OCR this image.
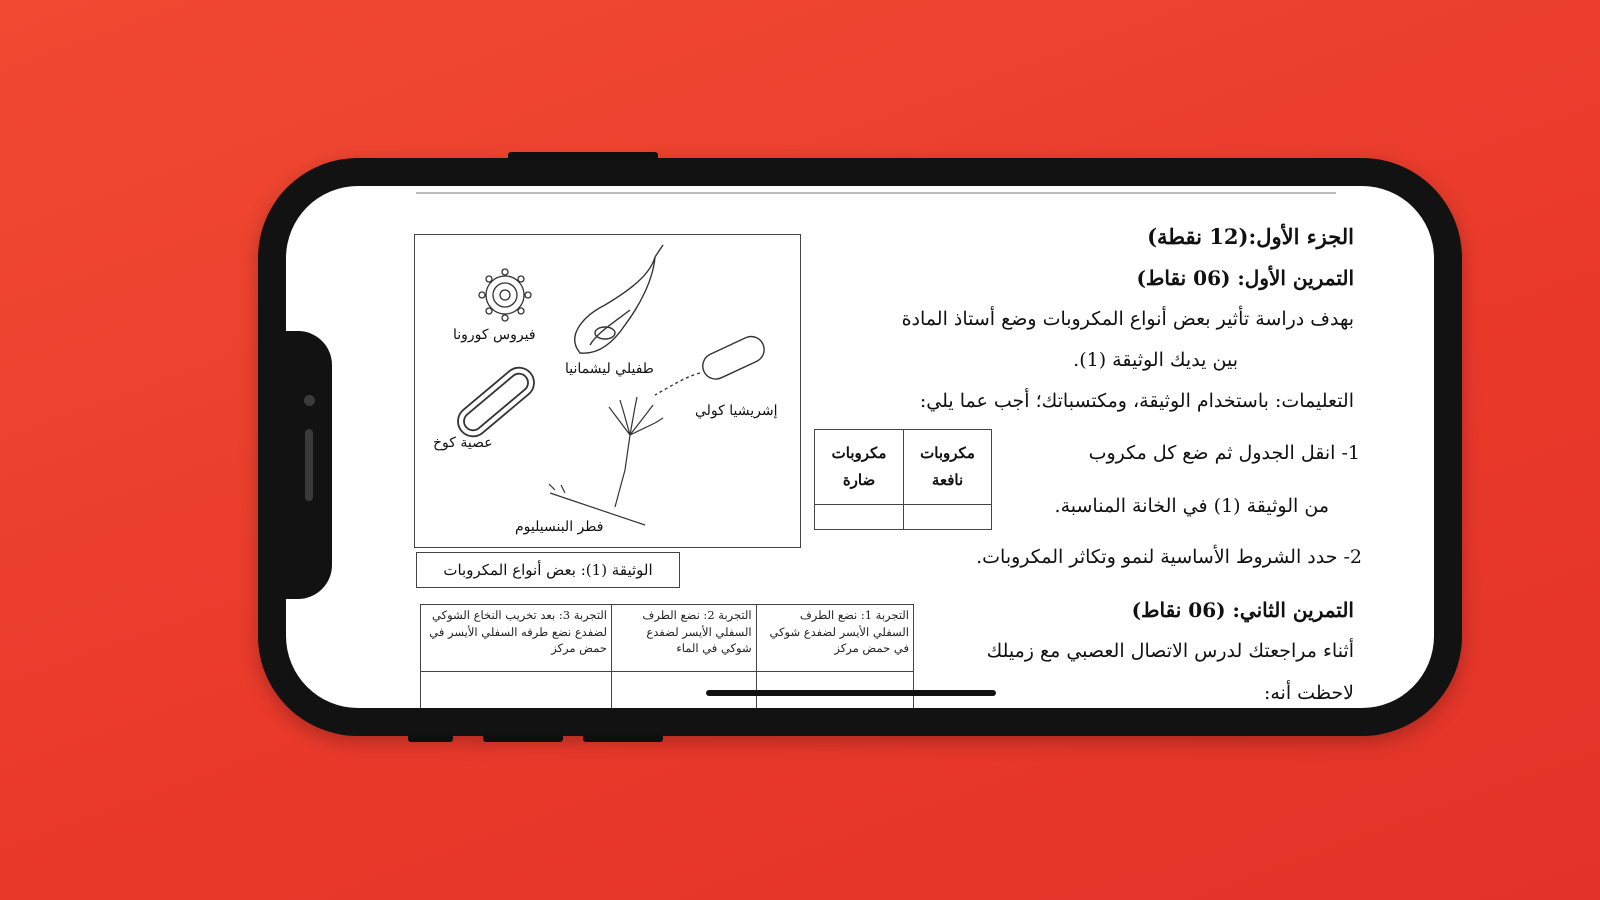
الجزء الأول:(12 نقطة)
التمرين الأول: (06 نقاط)
بهدف دراسة تأثير بعض أنواع المكروبات وضع أستاذ المادة
بين يديك الوثيقة (1).
التعليمات: باستخدام الوثيقة، ومكتسباتك؛ أجب عما يلي:
1- انقل الجدول ثم ضع كل مكروب
من الوثيقة (1) في الخانة المناسبة.
2- حدد الشروط الأساسية لنمو وتكاثر المكروبات.
التمرين الثاني: (06 نقاط)
أثناء مراجعتك لدرس الاتصال العصبي مع زميلك
لاحظت أنه:
فيروس كورونا
طفيلي ليشمانيا
إشريشيا كولي
عصية كوخ
فطر البنسيليوم
الوثيقة (1): بعض أنواع المكروبات
مكروبات نافعة	مكروبات ضارة

التجربة 1: نضع الطرف السفلي الأيسر لضفدع شوكي في حمض مركز	التجربة 2: نضع الطرف السفلي الأيسر لضفدع شوكي في الماء	التجربة 3: بعد تخريب النخاع الشوكي لضفدع نضع طرفه السفلي الأيسر في حمض مركز
